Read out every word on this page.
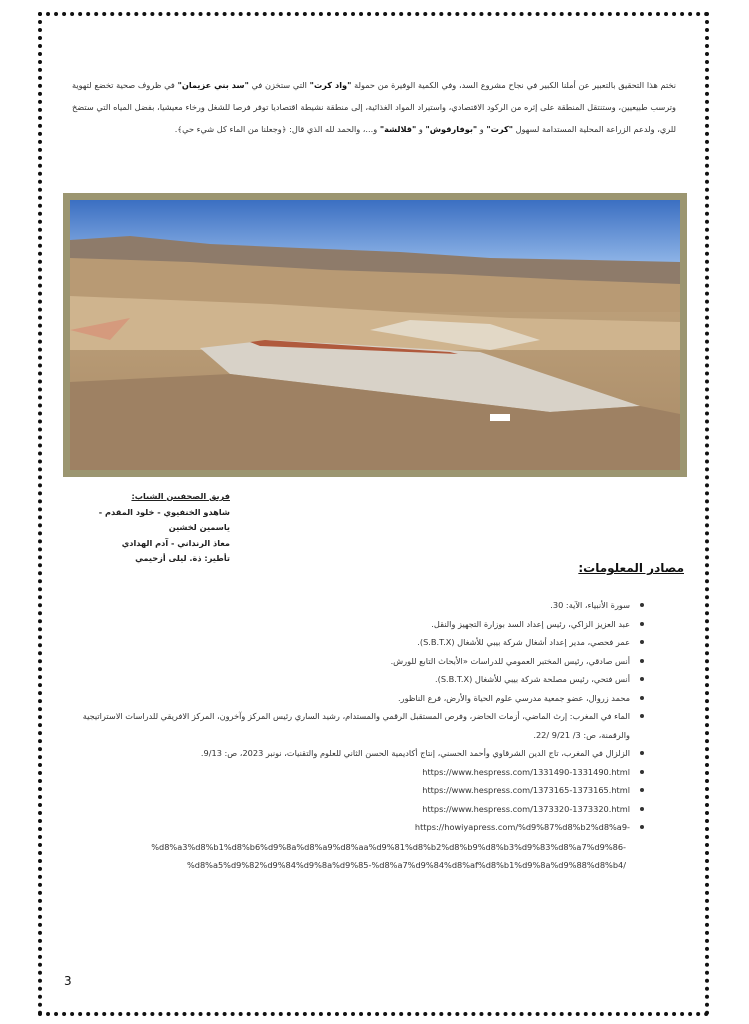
نختم هذا التحقيق بالتعبير عن أملنا الكبير في نجاح مشروع السد، وفي الكمية الوفيرة من حمولة "واد كرت" التي ستخزن في "سد بني عزيمان" في ظروف صحية تخضع لتهوية وترسب طبيعيين، وستنتقل المنطقة على إثره من الركود الاقتصادي، واستيراد المواد الغذائية، إلى منطقة نشيطة اقتصاديا توفر فرصا للشغل ورخاء معيشيا، بفضل المياه التي ستضخ للري، ولدعم الزراعة المحلية المستدامة لسهول "كرت" و "بوفارقوش" و "قلالشة" و...، والحمد لله الذي قال: ﴿وجعلنا من الماء كل شيء حي﴾.
فريق الصحفيين الشباب:
شاهدو الخنفيوي - خلود المقدم - ياسمين لخشين
معاذ الرنداني - آدم الهدادي
تأطير: ذة. ليلى أزحيمي
مصادر المعلومات:
سورة الأنبياء، الآية: 30.
عبد العزيز الزاكي، رئيس إعداد السد بوزارة التجهيز والنقل.
عمر فحصي، مدير إعداد أشغال شركة بيبي للأشغال (S.B.T.X).
أنس صادقي، رئيس المختبر العمومي للدراسات «الأبحاث التابع للورش.
أنس فتحي، رئيس مصلحة شركة بيبي للأشغال (S.B.T.X).
محمد زروال، عضو جمعية مدرسي علوم الحياة والأرض، فرع الناظور.
الماء في المغرب: إرث الماضي، أزمات الحاضر، وفرص المستقبل الرقمي والمستدام، رشيد الساري رئيس المركز وآخرون، المركز الافريقي للدراسات الاستراتيجية والرقمنة، ص: 3/ 9/21 /22.
الزلزال في المغرب، تاج الدين الشرقاوي وأحمد الحسني، إنتاج أكاديمية الحسن الثاني للعلوم والتقنيات، نونبر 2023، ص: 9/13.
https://www.hespress.com/1331490-1331490.html
https://www.hespress.com/1373165-1373165.html
https://www.hespress.com/1373320-1373320.html
https://howiyapress.com/%d9%87%d8%b2%d8%a9-
%d8%a3%d8%b1%d8%b6%d9%8a%d8%a9%d8%aa%d9%81%d8%b2%d8%b9%d8%b3%d9%83%d8%a7%d9%86-
%d8%a5%d9%82%d9%84%d9%8a%d9%85-%d8%a7%d9%84%d8%af%d8%b1%d9%8a%d9%88%d8%b4/
3
